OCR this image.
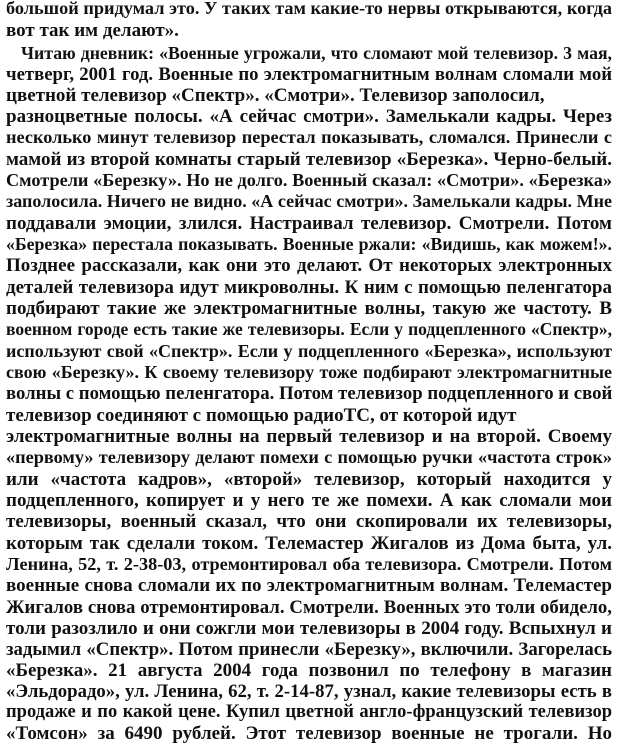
большой придумал это. У таких там какие-то нервы открываются, когда
вот так им делают».
Читаю дневник: «Военные угрожали, что сломают мой телевизор. 3 мая,
четверг, 2001 год. Военные по электромагнитным волнам сломали мой
цветной телевизор «Спектр». «Смотри». Телевизор заполосил,
разноцветные полосы. «А сейчас смотри». Замелькали кадры. Через
несколько минут телевизор перестал показывать, сломался. Принесли с
мамой из второй комнаты старый телевизор «Березка». Черно-белый.
Смотрели «Березку». Но не долго. Военный сказал: «Смотри». «Березка»
заполосила. Ничего не видно. «А сейчас смотри». Замелькали кадры. Мне
поддавали эмоции, злился. Настраивал телевизор. Смотрели. Потом
«Березка» перестала показывать. Военные ржали: «Видишь, как можем!».
Позднее рассказали, как они это делают. От некоторых электронных
деталей телевизора идут микроволны. К ним с помощью пеленгатора
подбирают такие же электромагнитные волны, такую же частоту. В
военном городе есть такие же телевизоры. Если у подцепленного «Спектр»,
используют свой «Спектр». Если у подцепленного «Березка», используют
свою «Березку». К своему телевизору тоже подбирают электромагнитные
волны с помощью пеленгатора. Потом телевизор подцепленного и свой
телевизор соединяют с помощью радиоТС, от которой идут
электромагнитные волны на первый телевизор и на второй. Своему
«первому» телевизору делают помехи с помощью ручки «частота строк»
или «частота кадров», «второй» телевизор, который находится у
подцепленного, копирует и у него те же помехи. А как сломали мои
телевизоры, военный сказал, что они скопировали их телевизоры,
которым так сделали током. Телемастер Жигалов из Дома быта, ул.
Ленина, 52, т. 2-38-03, отремонтировал оба телевизора. Смотрели. Потом
военные снова сломали их по электромагнитным волнам. Телемастер
Жигалов снова отремонтировал. Смотрели. Военных это толи обидело,
толи разозлило и они сожгли мои телевизоры в 2004 году. Вспыхнул и
задымил «Спектр». Потом принесли «Березку», включили. Загорелась
«Березка». 21 августа 2004 года позвонил по телефону в магазин
«Эльдорадо», ул. Ленина, 62, т. 2-14-87, узнал, какие телевизоры есть в
продаже и по какой цене. Купил цветной англо-французский телевизор
«Томсон» за 6490 рублей. Этот телевизор военные не трогали. Но
